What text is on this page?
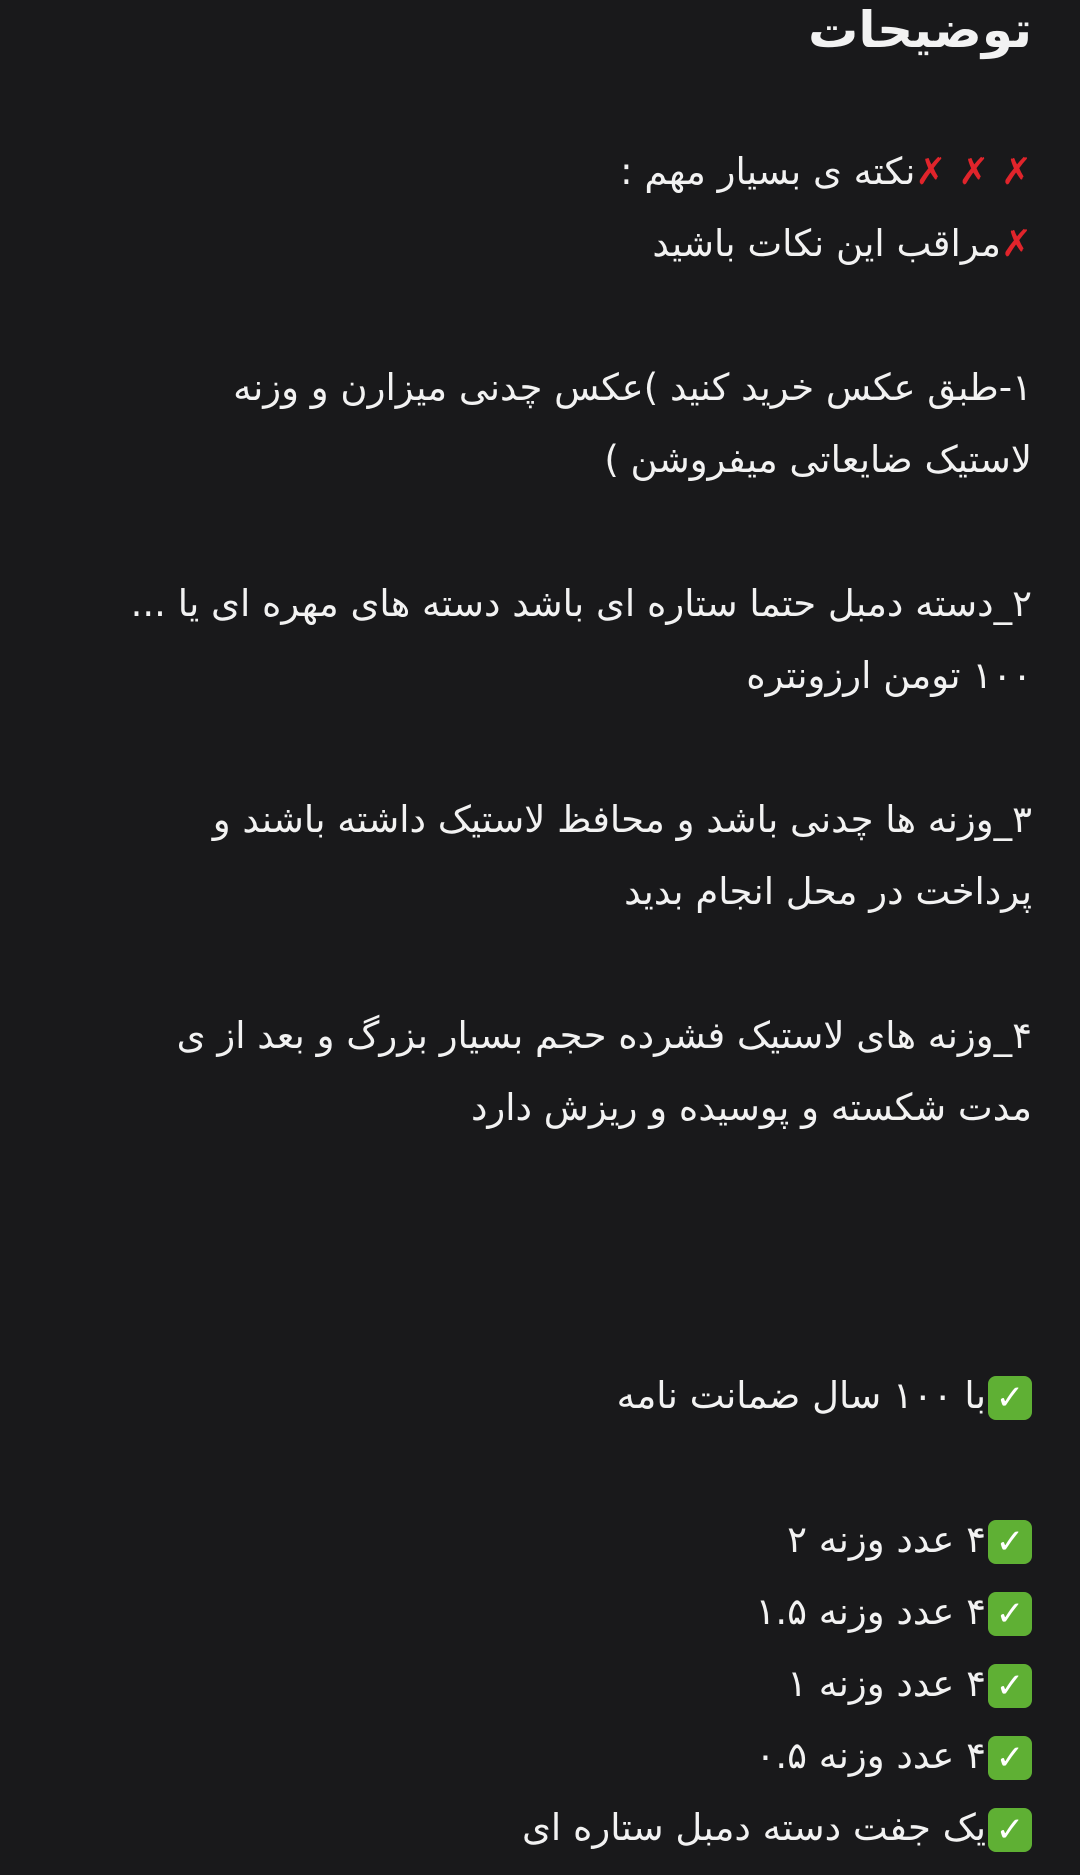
توضیحات
✗ ✗ ✗نکته ی بسیار مهم :
✗مراقب این نکات باشید
۱-طبق عکس خرید کنید )عکس چدنی میزارن و وزنه
لاستیک ضایعاتی میفروشن )
۲_دسته دمبل حتما ستاره ای باشد دسته های مهره ای یا ...
۱۰۰ تومن ارزونتره
۳_وزنه ها چدنی باشد و محافظ لاستیک داشته باشند و
پرداخت در محل انجام بدید
۴_وزنه های لاستیک فشرده حجم بسیار بزرگ و بعد از ی
مدت شکسته و پوسیده و ریزش دارد
✓با ۱۰۰ سال ضمانت نامه
✓۴ عدد وزنه ۲
✓۴ عدد وزنه ۱.۵
✓۴ عدد وزنه ۱
✓۴ عدد وزنه ۰.۵
✓یک جفت دسته دمبل ستاره ای
